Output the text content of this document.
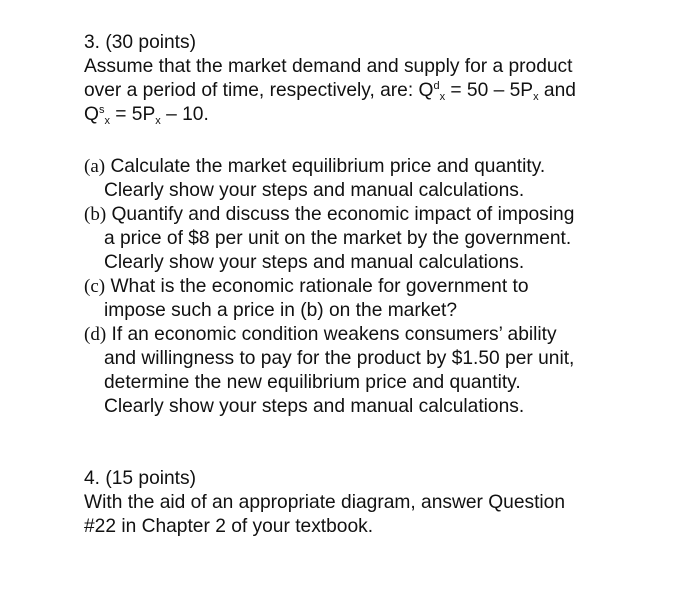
3. (30 points)
Assume that the market demand and supply for a product
over a period of time, respectively, are: $Q^d_x = 50 - 5P_x$ and
$Q^s_x = 5P_x - 10$.
(a) Calculate the market equilibrium price and quantity.
Clearly show your steps and manual calculations.
(b) Quantify and discuss the economic impact of imposing
a price of $8 per unit on the market by the government.
Clearly show your steps and manual calculations.
(c) What is the economic rationale for government to
impose such a price in (b) on the market?
(d) If an economic condition weakens consumers’ ability
and willingness to pay for the product by $1.50 per unit,
determine the new equilibrium price and quantity.
Clearly show your steps and manual calculations.
4. (15 points)
With the aid of an appropriate diagram, answer Question
#22 in Chapter 2 of your textbook.
